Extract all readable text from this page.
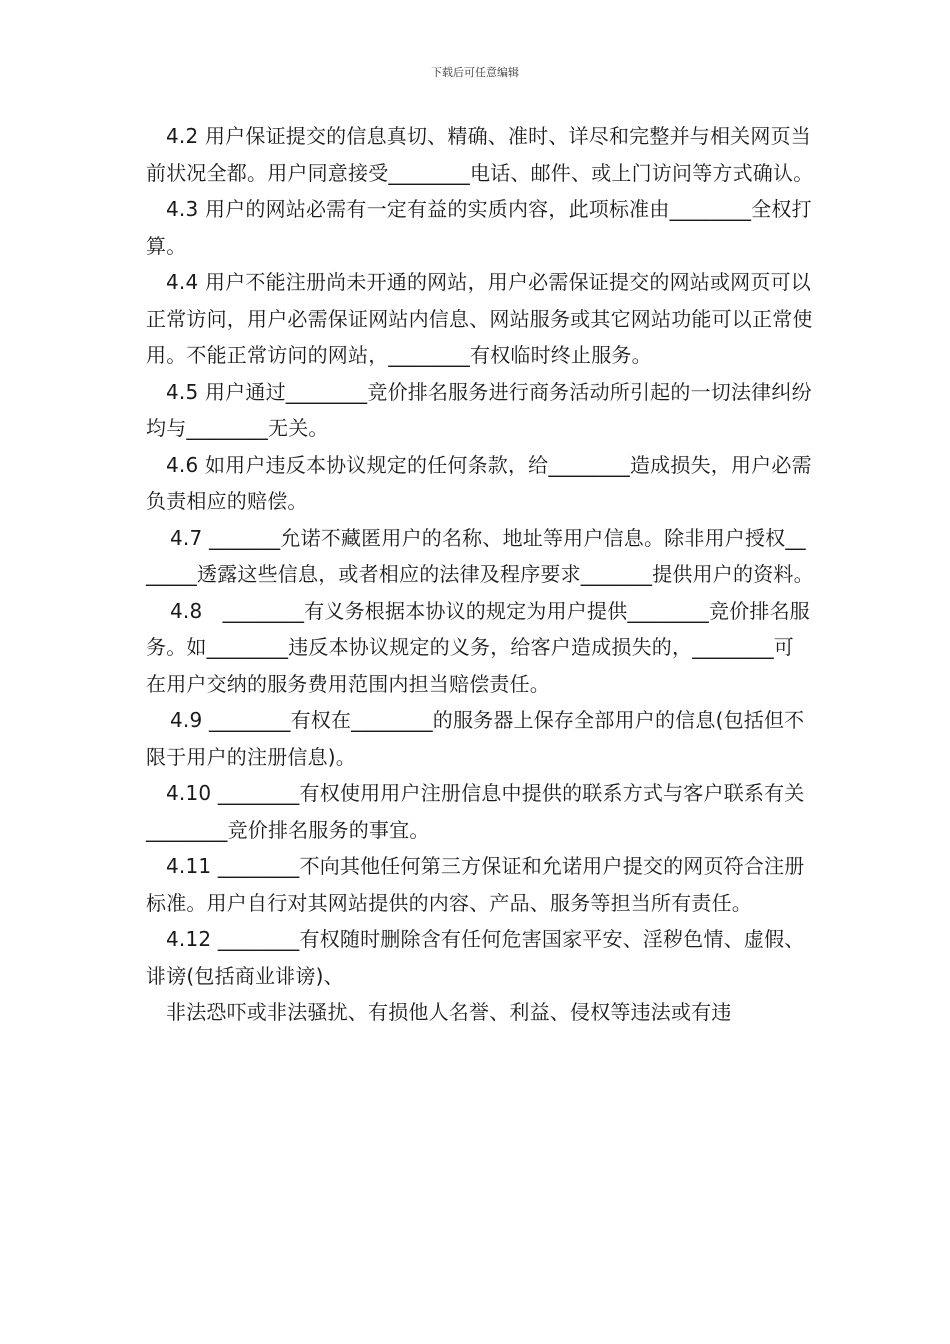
下载后可任意编辑

4.2 用户保证提交的信息真切、精确、准时、详尽和完整并与相关网页当前状况全都。用户同意接受________电话、邮件、或上门访问等方式确认。

4.3 用户的网站必需有一定有益的实质内容，此项标准由________全权打算。

4.4 用户不能注册尚未开通的网站，用户必需保证提交的网站或网页可以正常访问，用户必需保证网站内信息、网站服务或其它网站功能可以正常使用。不能正常访问的网站，________有权临时终止服务。

4.5 用户通过________竞价排名服务进行商务活动所引起的一切法律纠纷均与________无关。

4.6 如用户违反本协议规定的任何条款，给________造成损失，用户必需负责相应的赔偿。

4.7 _______允诺不藏匿用户的名称、地址等用户信息。除非用户授权_______透露这些信息，或者相应的法律及程序要求_______提供用户的资料。

4.8　________有义务根据本协议的规定为用户提供________竞价排名服务。如________违反本协议规定的义务，给客户造成损失的，________可在用户交纳的服务费用范围内担当赔偿责任。

4.9 ________有权在________的服务器上保存全部用户的信息(包括但不限于用户的注册信息)。

4.10 ________有权使用用户注册信息中提供的联系方式与客户联系有关________竞价排名服务的事宜。

4.11 ________不向其他任何第三方保证和允诺用户提交的网页符合注册标准。用户自行对其网站提供的内容、产品、服务等担当所有责任。

4.12 ________有权随时删除含有任何危害国家平安、淫秽色情、虚假、诽谤(包括商业诽谤)、

非法恐吓或非法骚扰、有损他人名誉、利益、侵权等违法或有违
